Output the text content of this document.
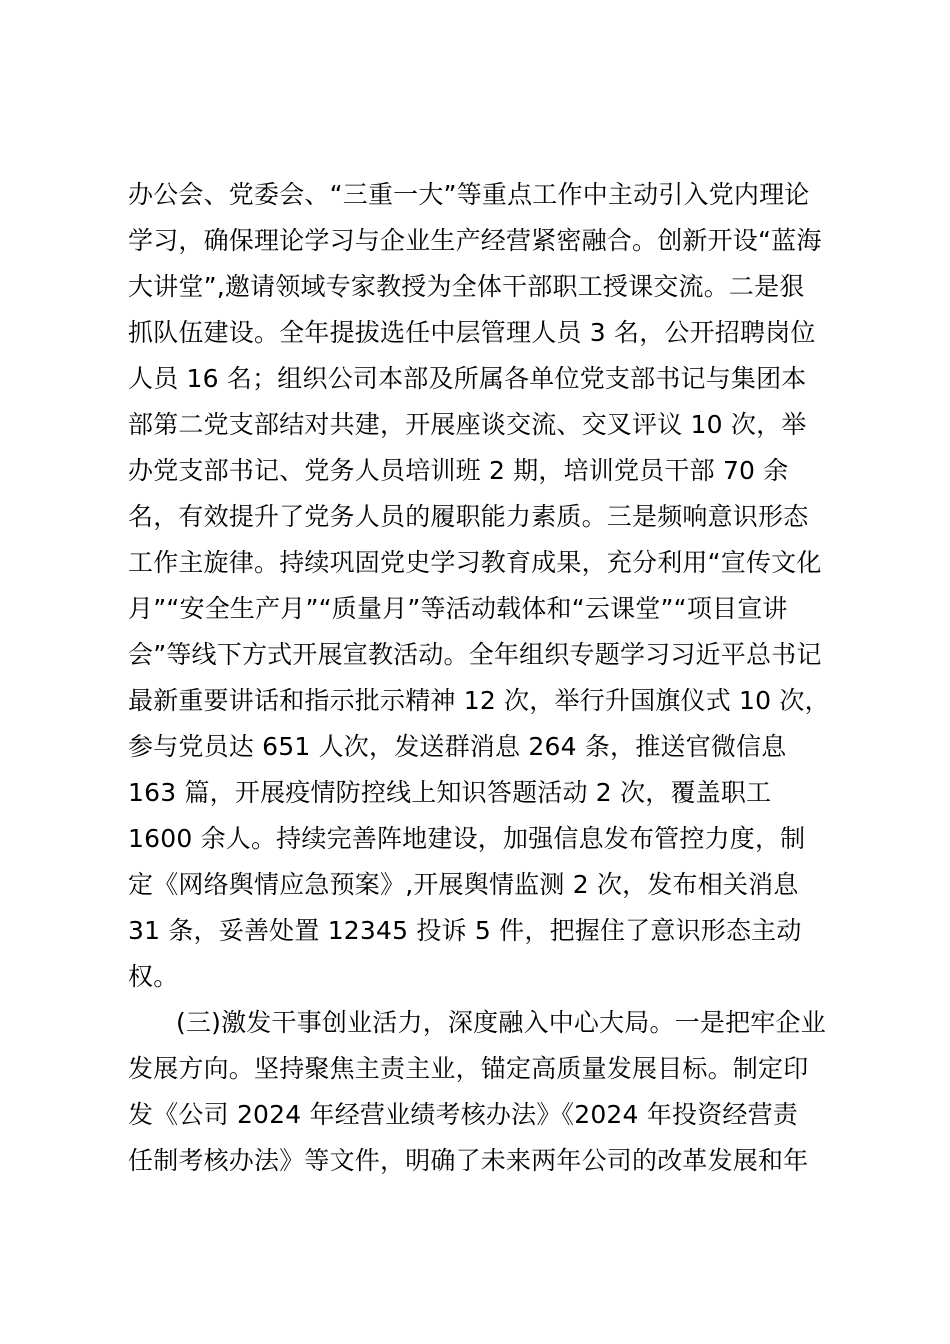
办公会、党委会、“三重一大”等重点工作中主动引入党内理论
学习，确保理论学习与企业生产经营紧密融合。创新开设“蓝海
大讲堂”,邀请领域专家教授为全体干部职工授课交流。二是狠
抓队伍建设。全年提拔选任中层管理人员 3 名，公开招聘岗位
人员 16 名；组织公司本部及所属各单位党支部书记与集团本
部第二党支部结对共建，开展座谈交流、交叉评议 10 次，举
办党支部书记、党务人员培训班 2 期，培训党员干部 70 余
名，有效提升了党务人员的履职能力素质。三是频响意识形态
工作主旋律。持续巩固党史学习教育成果，充分利用“宣传文化
月”“安全生产月”“质量月”等活动载体和“云课堂”“项目宣讲
会”等线下方式开展宣教活动。全年组织专题学习习近平总书记
最新重要讲话和指示批示精神 12 次，举行升国旗仪式 10 次，
参与党员达 651 人次，发送群消息 264 条，推送官微信息
163 篇，开展疫情防控线上知识答题活动 2 次，覆盖职工
1600 余人。持续完善阵地建设，加强信息发布管控力度，制
定《网络舆情应急预案》,开展舆情监测 2 次，发布相关消息
31 条，妥善处置 12345 投诉 5 件，把握住了意识形态主动
权。
(三)激发干事创业活力，深度融入中心大局。一是把牢企业
发展方向。坚持聚焦主责主业，锚定高质量发展目标。制定印
发《公司 2024 年经营业绩考核办法》《2024 年投资经营责
任制考核办法》等文件，明确了未来两年公司的改革发展和年
